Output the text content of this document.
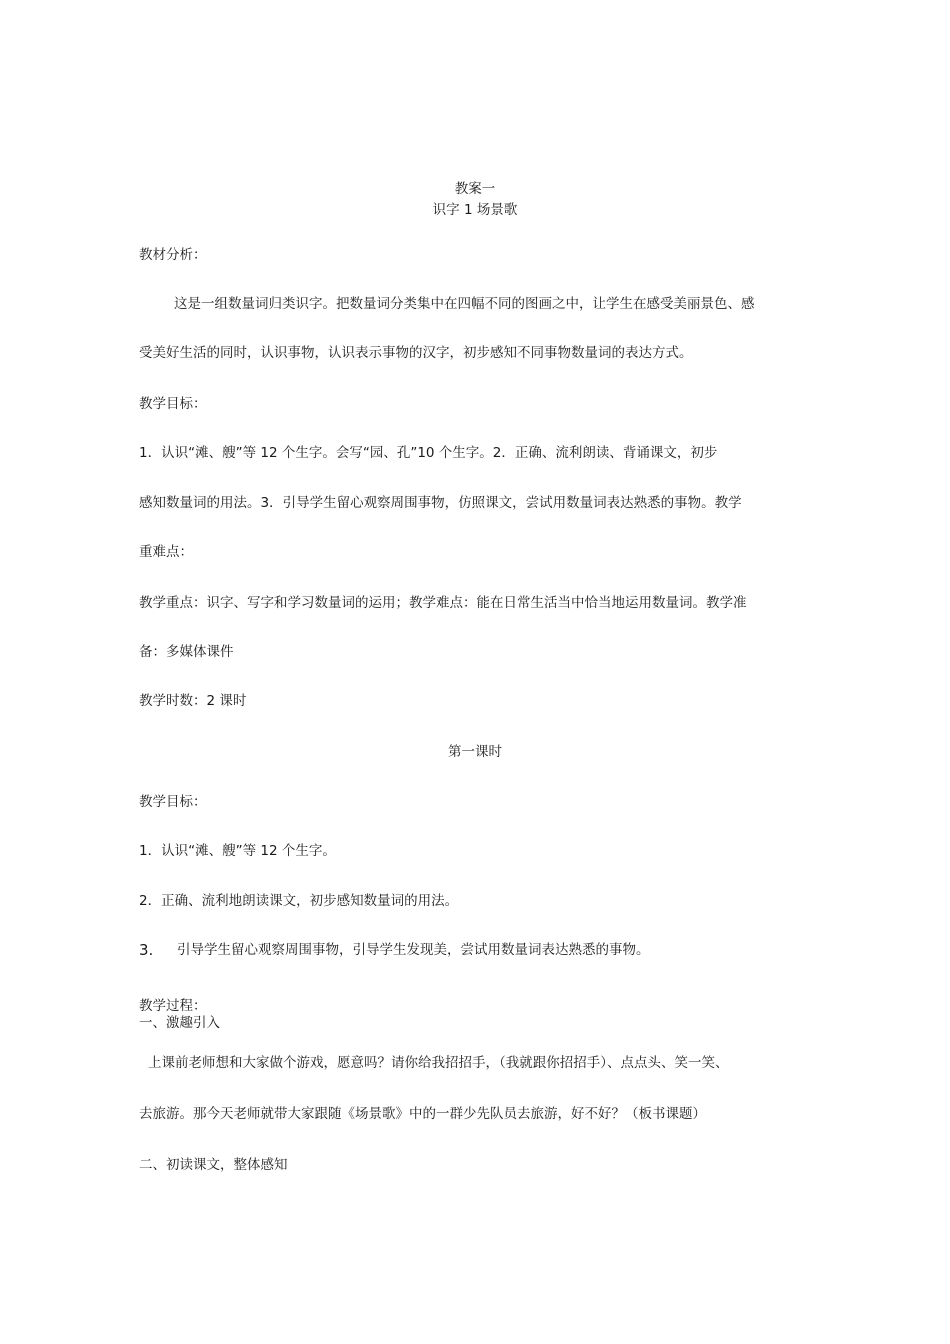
教案一
识字 1 场景歌
教材分析：
这是一组数量词归类识字。把数量词分类集中在四幅不同的图画之中，让学生在感受美丽景色、感
受美好生活的同时，认识事物，认识表示事物的汉字，初步感知不同事物数量词的表达方式。
教学目标：
1．认识“滩、艘”等 12 个生字。会写“园、孔”10 个生字。2．正确、流利朗读、背诵课文，初步
感知数量词的用法。3．引导学生留心观察周围事物，仿照课文，尝试用数量词表达熟悉的事物。教学
重难点：
教学重点：识字、写字和学习数量词的运用；教学难点：能在日常生活当中恰当地运用数量词。教学准
备：多媒体课件
教学时数：2 课时
第一课时
教学目标：
1．认识“滩、艘”等 12 个生字。
2．正确、流利地朗读课文，初步感知数量词的用法。
3. 引导学生留心观察周围事物，引导学生发现美，尝试用数量词表达熟悉的事物。
教学过程：
一、激趣引入
上课前老师想和大家做个游戏，愿意吗？请你给我招招手，（我就跟你招招手）、点点头、笑一笑、
去旅游。那今天老师就带大家跟随《场景歌》中的一群少先队员去旅游，好不好？（板书课题）
二、初读课文，整体感知
